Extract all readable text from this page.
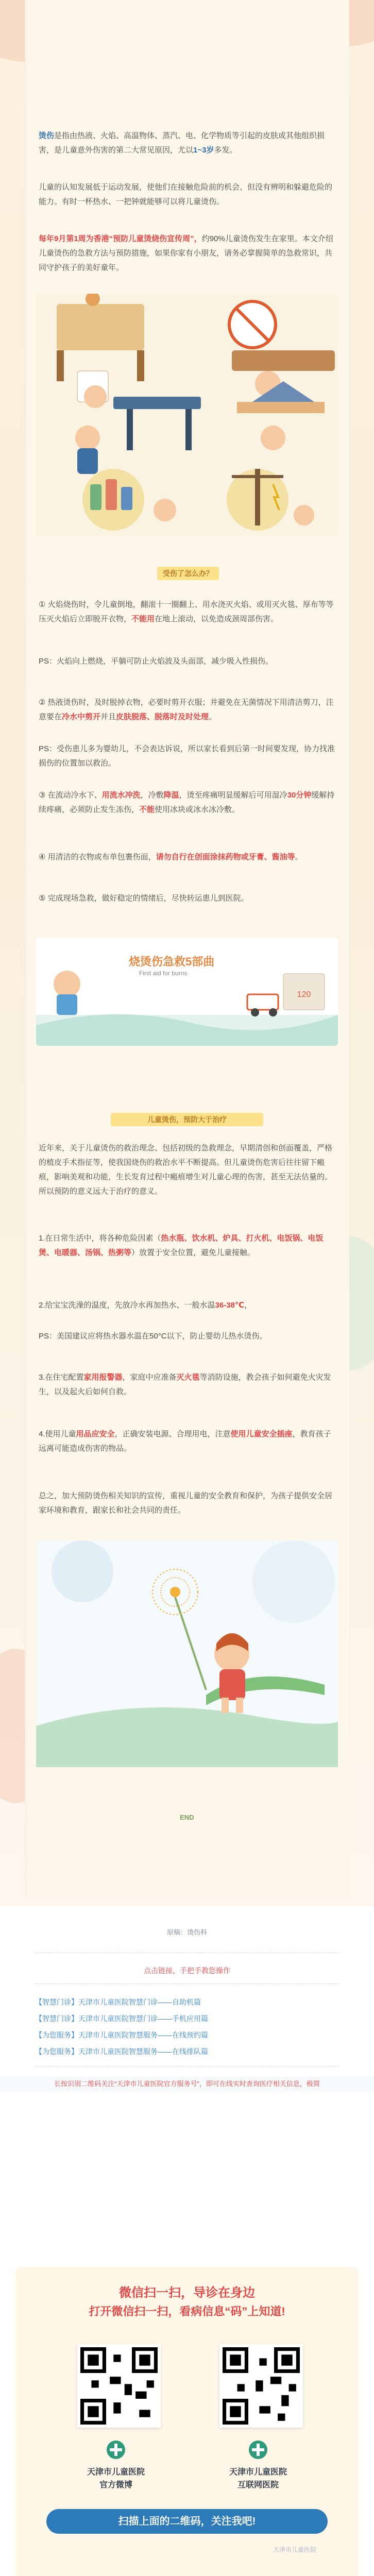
烫伤是指由热液、火焰、高温物体、蒸汽、电、化学物质等引起的皮肤或其他组织损害，是儿童意外伤害的第二大常见原因，尤以1~3岁多发。

儿童的认知发展低于运动发展，使他们在接触危险前的机会、但没有辨明和躲避危险的能力。有时一杯热水、一把钟就能够可以将儿童烫伤。

每年9月第1周为香港“预防儿童烫烧伤宣传周”，约90%儿童烫伤发生在家里。本文介绍儿童烫伤的急救方法与预防措施，如果你家有小朋友，请务必掌握简单的急救常识，共同守护孩子的美好童年。

受伤了怎么办？

① 火焰烧伤时，令儿童倒地，翻滚十一圈翻上、用水浇灭火焰、或用灭火毯、厚布等等压灭火焰后立即脱开衣物，不能用在地上滚动，以免造成颈周部伤害。

PS：火焰向上燃烧，平躺可防止火焰波及头面部，减少吸入性损伤。

② 热液烫伤时，及时脱掉衣物，必要时剪开衣服；并避免在无菌情况下用清洁剪刀，注意要在冷水中剪开并且皮肤脱落、脱落时及时处理。

PS：受伤患儿多为婴幼儿，不会表达诉说，所以家长看到后第一时间要发现，协力找准损伤的位置加以救治。

③ 在流动冷水下、用流水冲洗，冷敷降温，烫至疼痛明显缓解后可用湿冷30分钟缓解持续疼痛，必须防止发生冻伤，不能使用冰块或冰水冰冷敷。

④ 用清洁的衣物或布单包裹伤面，请勿自行在创面涂抹药物或牙膏、酱油等。

⑤ 完成现场急救，做好稳定的情绪后，尽快转运患儿到医院。

120
烧烫伤急救5部曲
First aid for burns
儿童烫伤，预防大于治疗

近年来，关于儿童烫伤的救治理念、包括初级的急救理念，早期清创和创面覆盖，严格的植皮手术指征等，使我国烧伤的救治水平不断提高。但儿童烫伤危害后往往留下瘢痕，影响美观和功能，生长发育过程中瘢痕增生对儿童心理的伤害，甚至无法估量的。所以预防的意义远大于治疗的意义。

1.在日常生活中，将各种危险因素（热水瓶、饮水机、炉具、打火机、电饭锅、电饭煲、电暖器、汤锅、热粥等）放置于安全位置，避免儿童接触。

2.给宝宝洗澡的温度，先放冷水再加热水、一般水温36-38℃，

PS：美国建议应将热水器水温在50°C以下，防止婴幼儿热水烫伤。

3.在住宅配置家用报警器，家庭中应准备灭火毯等消防设施，教会孩子如何避免火灾发生，以及起火后如何自救。

4.使用儿童用品应安全，正确安装电源、合理用电，注意使用儿童安全插座，教育孩子远离可能造成伤害的物品。

总之，加大预防烫伤相关知识的宣传，重视儿童的安全教育和保护，为孩子提供安全居家环境和教育，跟家长和社会共同的责任。

END
原稿：烫伤科
点击链接，手把手教您操作
【智慧门诊】天津市儿童医院智慧门诊——自助机篇
【智慧门诊】天津市儿童医院智慧门诊——手机应用篇
【为您服务】天津市儿童医院智慧服务——在线预约篇
【为您服务】天津市儿童医院智慧服务——在线排队篇
长按识别二维码关注“天津市儿童医院官方服务号”，即可在线实时查询医疗相关信息，极简
微信扫一扫，导诊在身边
打开微信扫一扫，看病信息“码”上知道!
天津市儿童医院
官方微博
天津市儿童医院
互联网医院
扫描上面的二维码，关注我吧!
天津市儿童医院
